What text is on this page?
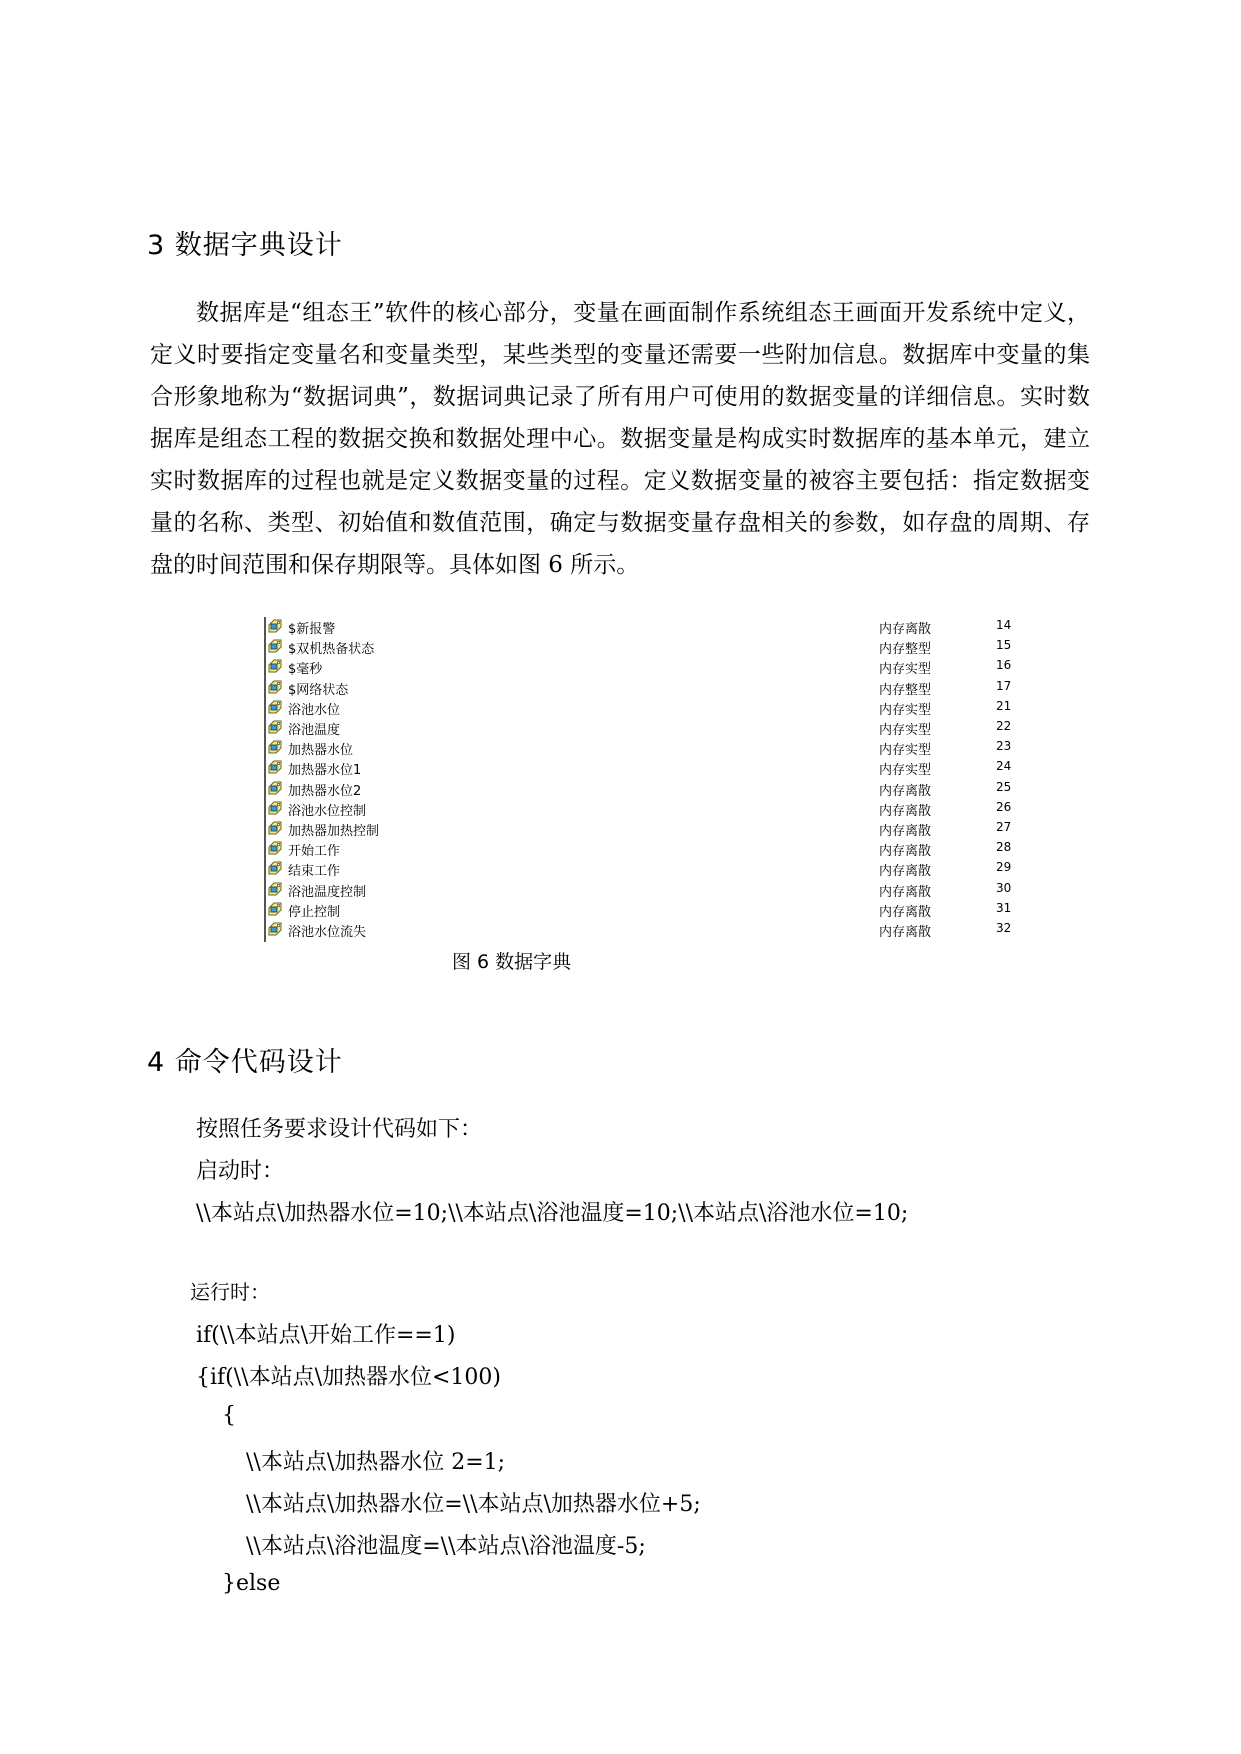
3 数据字典设计

数据库是“组态王”软件的核心部分，变量在画面制作系统组态王画面开发系统中定义，定义时要指定变量名和变量类型，某些类型的变量还需要一些附加信息。数据库中变量的集合形象地称为“数据词典”，数据词典记录了所有用户可使用的数据变量的详细信息。实时数据库是组态工程的数据交换和数据处理中心。数据变量是构成实时数据库的基本单元，建立实时数据库的过程也就是定义数据变量的过程。定义数据变量的被容主要包括：指定数据变量的名称、类型、初始值和数值范围，确定与数据变量存盘相关的参数，如存盘的周期、存盘的时间范围和保存期限等。具体如图 6 所示。

$新报警	内存离散	14
$双机热备状态	内存整型	15
$毫秒	内存实型	16
$网络状态	内存整型	17
浴池水位	内存实型	21
浴池温度	内存实型	22
加热器水位	内存实型	23
加热器水位1	内存实型	24
加热器水位2	内存离散	25
浴池水位控制	内存离散	26
加热器加热控制	内存离散	27
开始工作	内存离散	28
结束工作	内存离散	29
浴池温度控制	内存离散	30
停止控制	内存离散	31
浴池水位流失	内存离散	32
图 6 数据字典
4 命令代码设计
按照任务要求设计代码如下：
启动时：
\\本站点\加热器水位=10;\\本站点\浴池温度=10;\\本站点\浴池水位=10;
运行时：
if(\\本站点\开始工作==1)
{if(\\本站点\加热器水位<100)
{
\\本站点\加热器水位 2=1;
\\本站点\加热器水位=\\本站点\加热器水位+5;
\\本站点\浴池温度=\\本站点\浴池温度-5;
}else
